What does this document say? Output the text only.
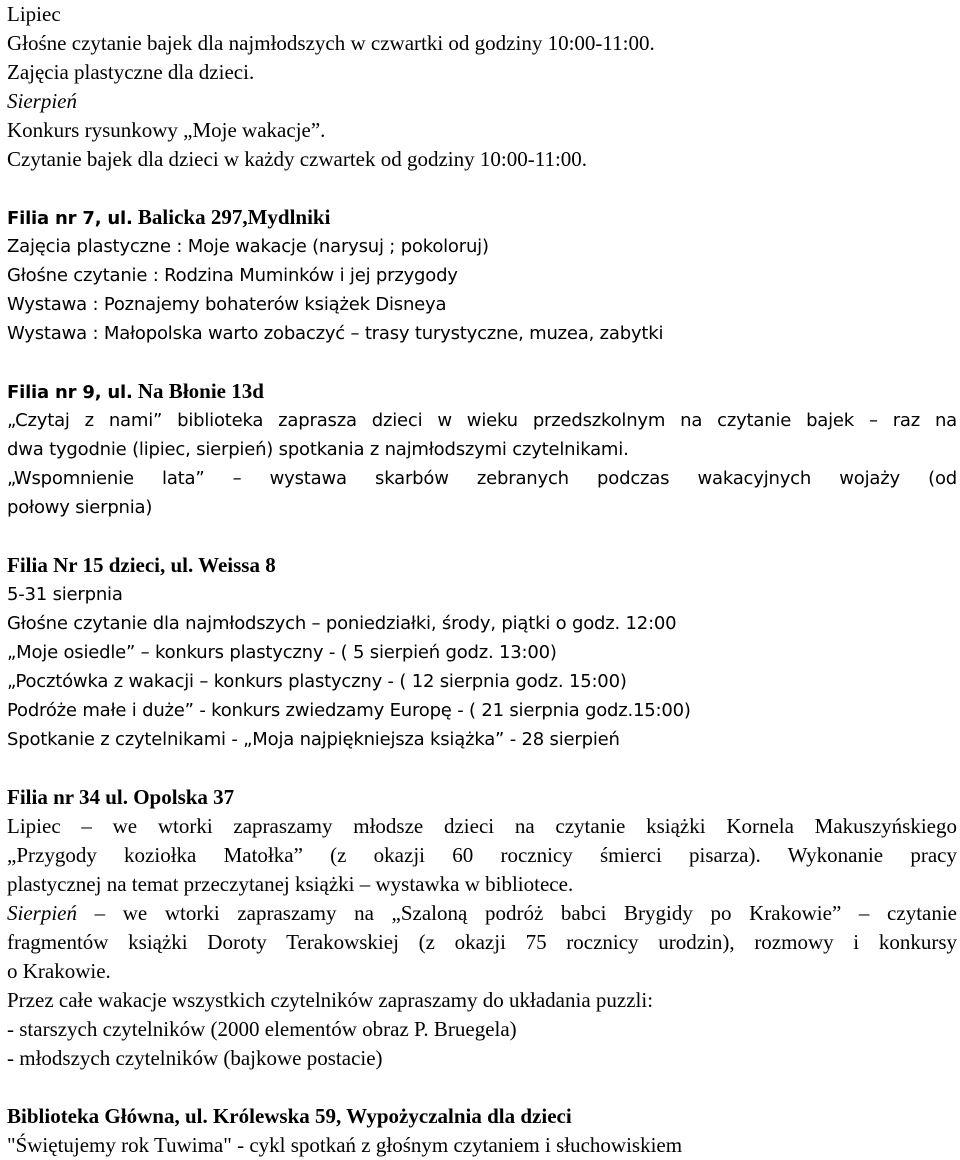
Lipiec
Głośne czytanie bajek dla najmłodszych w czwartki od godziny 10:00-11:00.
Zajęcia plastyczne dla dzieci.
Sierpień
Konkurs rysunkowy „Moje wakacje”.
Czytanie bajek dla dzieci w każdy czwartek od godziny 10:00-11:00.
Filia nr 7, ul. Balicka 297,Mydlniki
Zajęcia plastyczne : Moje wakacje (narysuj ; pokoloruj)
Głośne czytanie : Rodzina Muminków i jej przygody
Wystawa : Poznajemy bohaterów książek Disneya
Wystawa : Małopolska warto zobaczyć – trasy turystyczne, muzea, zabytki
Filia nr 9, ul. Na Błonie 13d
„Czytaj z nami” biblioteka zaprasza dzieci w wieku przedszkolnym na czytanie bajek – raz na
dwa tygodnie (lipiec, sierpień) spotkania z najmłodszymi czytelnikami.
„Wspomnienie lata” – wystawa skarbów zebranych podczas wakacyjnych wojaży (od
połowy sierpnia)
Filia Nr 15 dzieci, ul. Weissa 8
5-31 sierpnia
Głośne czytanie dla najmłodszych – poniedziałki, środy, piątki o godz. 12:00
„Moje osiedle” – konkurs plastyczny - ( 5 sierpień godz. 13:00)
„Pocztówka z wakacji – konkurs plastyczny - ( 12 sierpnia godz. 15:00)
Podróże małe i duże” - konkurs zwiedzamy Europę - ( 21 sierpnia godz.15:00)
Spotkanie z czytelnikami - „Moja najpiękniejsza książka” - 28 sierpień
Filia nr 34 ul. Opolska 37
Lipiec – we wtorki zapraszamy młodsze dzieci na czytanie książki Kornela Makuszyńskiego
„Przygody koziołka Matołka” (z okazji 60 rocznicy śmierci pisarza). Wykonanie pracy
plastycznej na temat przeczytanej książki – wystawka w bibliotece.
Sierpień – we wtorki zapraszamy na „Szaloną podróż babci Brygidy po Krakowie” – czytanie
fragmentów książki Doroty Terakowskiej (z okazji 75 rocznicy urodzin), rozmowy i konkursy
o Krakowie.
Przez całe wakacje wszystkich czytelników zapraszamy do układania puzzli:
- starszych czytelników (2000 elementów obraz P. Bruegela)
- młodszych czytelników (bajkowe postacie)
Biblioteka Główna, ul. Królewska 59, Wypożyczalnia dla dzieci
"Świętujemy rok Tuwima" - cykl spotkań z głośnym czytaniem i słuchowiskiem
